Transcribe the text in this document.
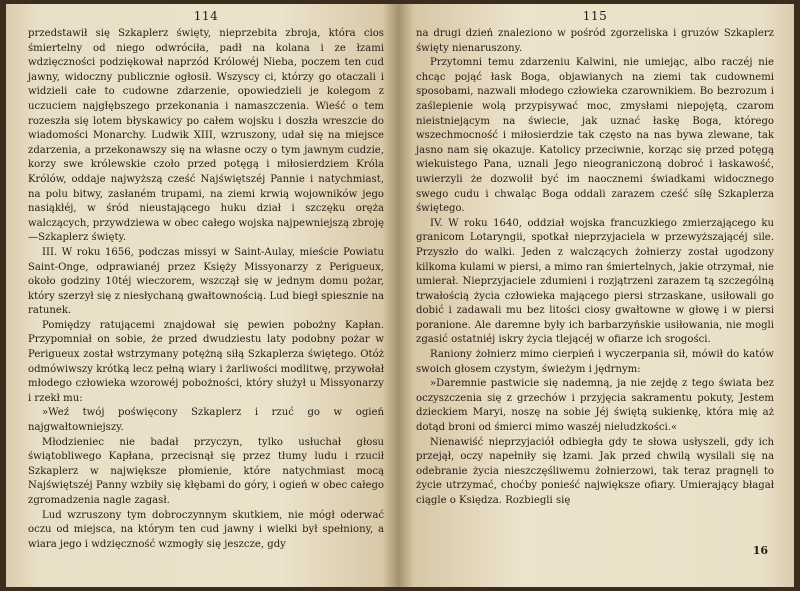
114

przedstawił się Szkaplerz święty, nieprzebita zbroja, która cios śmiertelny od niego odwróciła, padł na kolana i ze łzami wdzięczności podziękował naprzód Królowéj Nieba, poczem ten cud jawny, widoczny publicznie ogłosił. Wszyscy ci, którzy go otaczali i widzieli całe to cudowne zdarzenie, opowiedzieli je kolegom z uczuciem najgłębszego przekonania i namaszczenia. Wieść o tem rozeszła się lotem błyskawicy po całem wojsku i doszła wreszcie do wiadomości Monarchy. Ludwik XIII, wzruszony, udał się na miejsce zdarzenia, a przekonawszy się na własne oczy o tym jawnym cudzie, korzy swe królewskie czoło przed potęgą i miłosierdziem Króla Królów, oddaje najwyższą cześć Najświętszéj Pannie i natychmiast, na polu bitwy, zasłaném trupami, na ziemi krwią wojowników jego nasiąkłéj, w śród nieustającego huku dział i szczęku oręża walczących, przywdziewa w obec całego wojska najpewniejszą zbroję—Szkaplerz święty.

III. W roku 1656, podczas missyi w Saint-Aulay, mieście Powiatu Saint-Onge, odprawianéj przez Księży Missyonarzy z Perigueux, około godziny 10téj wieczorem, wszczął się w jednym domu pożar, który szerzył się z niesłychaną gwałtownością. Lud biegł spiesznie na ratunek.

Pomiędzy ratującemi znajdował się pewien pobożny Kapłan. Przypomniał on sobie, że przed dwudziestu laty podobny pożar w Perigueux został wstrzymany potężną siłą Szkaplerza świętego. Otóż odmówiwszy krótką lecz pełną wiary i żarliwości modlitwę, przywołał młodego człowieka wzorowéj pobożności, który służył u Missyonarzy i rzekł mu:

»Weź twój poświęcony Szkaplerz i rzuć go w ogień najgwałtowniejszy.

Młodzieniec nie badał przyczyn, tylko usłuchał głosu świątobliwego Kapłana, przecisnął się przez tłumy ludu i rzucił Szkaplerz w największe płomienie, które natychmiast mocą Najświętszéj Panny wzbiły się kłębami do góry, i ogień w obec całego zgromadzenia nagle zagasł.

Lud wzruszony tym dobroczynnym skutkiem, nie mógł oderwać oczu od miejsca, na którym ten cud jawny i wielki był spełniony, a wiara jego i wdzięczność wzmogły się jeszcze, gdy

115

na drugi dzień znaleziono w pośród zgorzeliska i gruzów Szkaplerz święty nienaruszony.

Przytomni temu zdarzeniu Kalwini, nie umiejąc, albo raczéj nie chcąc pojąć łask Boga, objawianych na ziemi tak cudownemi sposobami, nazwali młodego człowieka czarownikiem. Bo bezrozum i zaślepienie wolą przypisywać moc, zmysłami niepojętą, czarom nieistniejącym na świecie, jak uznać łaskę Boga, którego wszechmocność i miłosierdzie tak często na nas bywa zlewane, tak jasno nam się okazuje. Katolicy przeciwnie, korząc się przed potęgą wiekuistego Pana, uznali Jego nieograniczoną dobroć i łaskawość, uwierzyli że dozwolił być im naocznemi świadkami widocznego swego cudu i chwaląc Boga oddali zarazem cześć síłę Szkaplerza świętego.

IV. W roku 1640, oddział wojska francuzkiego zmierzającego ku granicom Lotaryngii, spotkał nieprzyjaciela w przewyższającéj sile. Przyszło do walki. Jeden z walczących żołnierzy został ugodzony kilkoma kulami w piersi, a mimo ran śmiertelnych, jakie otrzymał, nie umierał. Nieprzyjaciele zdumieni i rozjątrzeni zarazem tą szczególną trwałością życia człowieka mającego piersi strzaskane, usiłowali go dobić i zadawali mu bez litości ciosy gwałtowne w głowę i w piersi poranione. Ale daremne były ich barbarzyńskie usiłowania, nie mogli zgasić ostatniéj iskry życia tlejącéj w ofiarze ich srogości.

Raniony żołnierz mimo cierpień i wyczerpania sił, mówił do katów swoich głosem czystym, świeżym i jędrnym:

»Daremnie pastwicie się nademną, ja nie zejdę z tego świata bez oczyszczenia się z grzechów i przyjęcia sakramentu pokuty, Jestem dzieckiem Maryi, noszę na sobie Jéj świętą sukienkę, która mię aż dotąd broni od śmierci mimo waszéj nieludzkości.«

Nienawiść nieprzyjaciół odbiegła gdy te słowa usłyszeli, gdy ich przejął, oczy napełniły się łzami. Jak przed chwilą wysilali się na odebranie życia nieszczęśliwemu żołnierzowi, tak teraz pragnęli to życie utrzymać, choćby ponieść największe ofiary. Umierający błagał ciągle o Księdza. Rozbiegli się

16
